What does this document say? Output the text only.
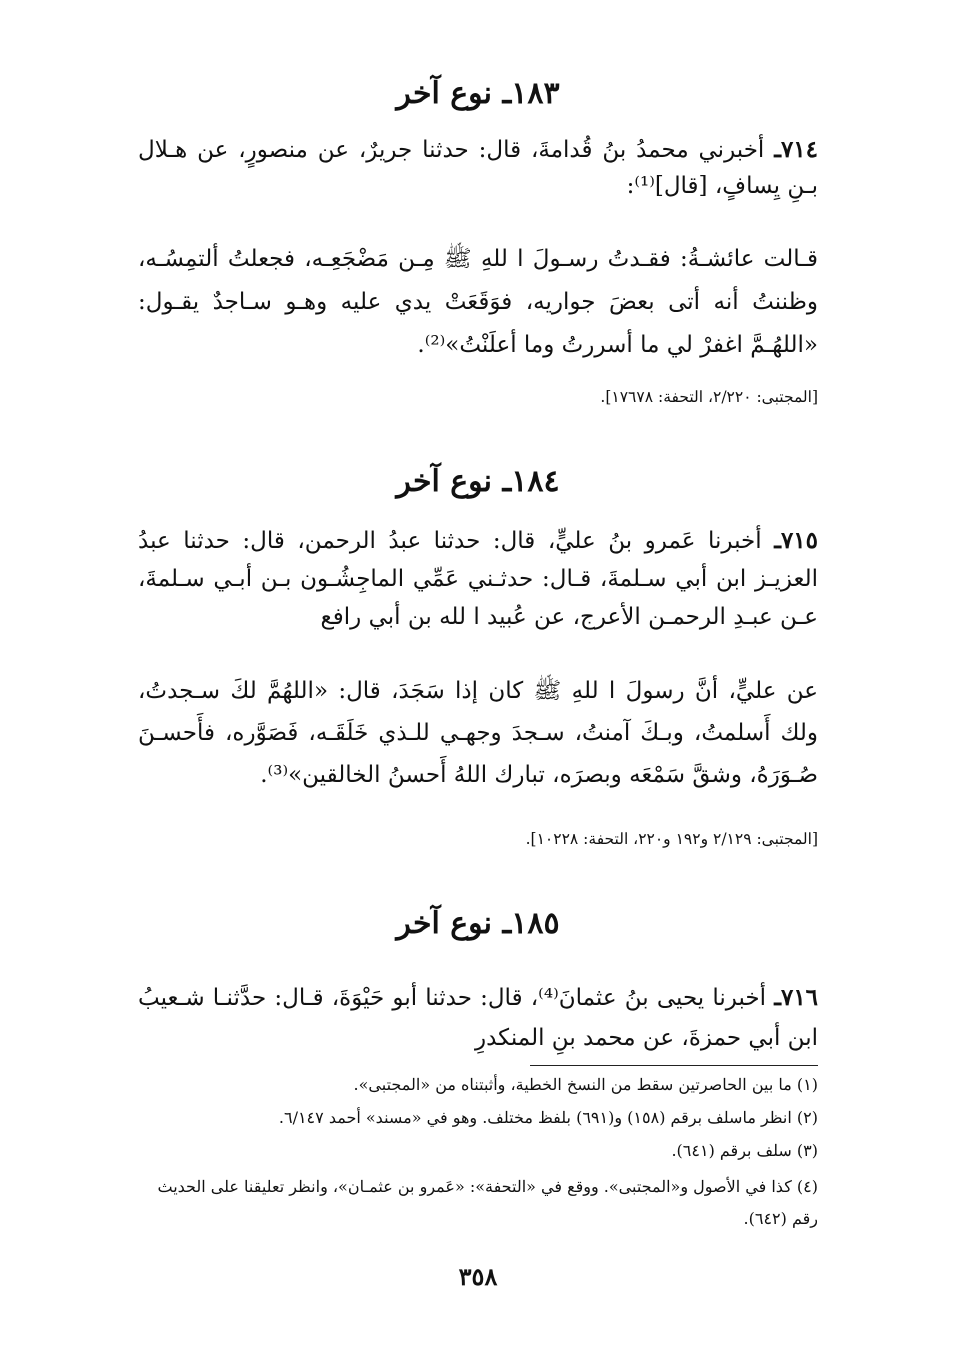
١٨٣ـ نوع آخر
٧١٤ـ أخبرني محمدُ بنُ قُدامةَ، قال: حدثنا جريرٌ، عن منصورٍ، عن هـلال بـنِ يِسافٍ، [قال]⁽¹⁾:
قـالت عائشـةُ: فقـدتُ رسـولَ ا للهِ ﷺ مِـن مَضْجَعِـه، فجعلتُ ألتمِسُـه، وظننتُ أنه أتى بعضَ جواريه، فوَقَعَتْ يدي عليه وهـو سـاجدٌ يقـول: «اللهُـمَّ اغفرْ لي ما أسررتُ وما أعلَنْتُ»⁽²⁾.
[المجتبى: ٢/٢٢٠، التحفة: ١٧٦٧٨].
١٨٤ـ نوع آخر
٧١٥ـ أخبرنا عَمرو بنُ عليٍّ، قال: حدثنا عبدُ الرحمن، قال: حدثنا عبدُ العزيـز ابن أبي سـلمةَ، قـال: حدثـني عَمِّي الماجِشُـون بـن أبـي سـلمةَ، عـن عبـدِ الرحمـن الأعرج، عن عُبيد ا لله بن أبي رافع
عن عليٍّ، أنَّ رسولَ ا للهِ ﷺ كان إذا سَجَدَ، قال: «اللهُمَّ لكَ سـجدتُ، ولك أَسلمتُ، وبـكَ آمنتُ، سـجدَ وجهـي للـذي خَلَقَـه، فَصَوَّره، فأَحسـنَ صُـوَرَهُ، وشقَّ سَمْعَه وبصرَه، تبارك اللهُ أَحسنُ الخالقين»⁽³⁾.
[المجتبى: ٢/١٢٩ و١٩٢ و٢٢٠، التحفة: ١٠٢٢٨].
١٨٥ـ نوع آخر
٧١٦ـ أخبرنا يحيى بنُ عثمانَ⁽⁴⁾، قال: حدثنا أبو حَيْوَةَ، قـال: حدَّثنـا شـعيبُ ابن أبي حمزةَ، عن محمد بنِ المنكدرِ
(١) ما بين الحاصرتين سقط من النسخ الخطية، وأثبتناه من «المجتبى».
(٢) انظر ماسلف برقم (١٥٨) و(٦٩١) بلفظ مختلف. وهو في «مسند» أحمد ٦/١٤٧.
(٣) سلف برقم (٦٤١).
(٤) كذا في الأصول و«المجتبى». ووقع في «التحفة»: «عَمرو بن عثمـان»، وانظر تعليقنا على الحديث رقم (٦٤٢).
٣٥٨
